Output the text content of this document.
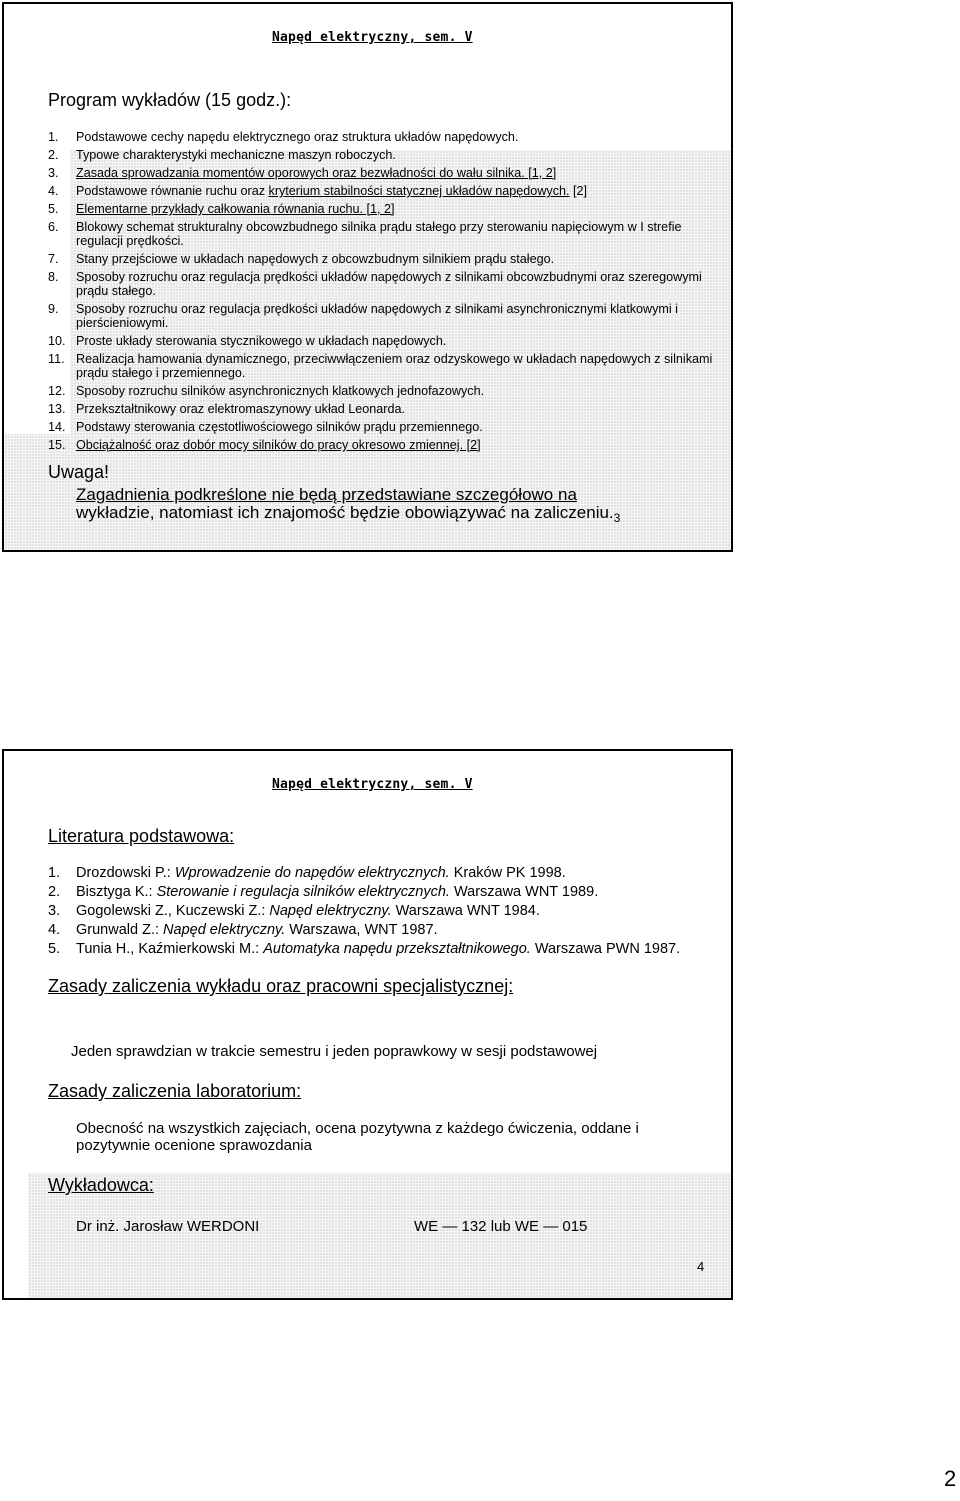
Napęd elektryczny, sem. V
Program wykładów (15 godz.):
1. Podstawowe cechy napędu elektrycznego oraz struktura układów napędowych.
2. Typowe charakterystyki mechaniczne maszyn roboczych.
3. Zasada sprowadzania momentów oporowych oraz bezwładności do wału silnika. [1, 2]
4. Podstawowe równanie ruchu oraz kryterium stabilności statycznej układów napędowych. [2]
5. Elementarne przykłady całkowania równania ruchu. [1, 2]
6. Blokowy schemat strukturalny obcowzbudnego silnika prądu stałego przy sterowaniu napięciowym w I strefie regulacji prędkości.
7. Stany przejściowe w układach napędowych z obcowzbudnym silnikiem prądu stałego.
8. Sposoby rozruchu oraz regulacja prędkości układów napędowych z silnikami obcowzbudnymi oraz szeregowymi prądu stałego.
9. Sposoby rozruchu oraz regulacja prędkości układów napędowych z silnikami asynchronicznymi klatkowymi i pierścieniowymi.
10. Proste układy sterowania stycznikowego w układach napędowych.
11. Realizacja hamowania dynamicznego, przeciwwłączeniem oraz odzyskowego w układach napędowych z silnikami prądu stałego i przemiennego.
12. Sposoby rozruchu silników asynchronicznych klatkowych jednofazowych.
13. Przekształtnikowy oraz elektromaszynowy układ Leonarda.
14. Podstawy sterowania częstotliwościowego silników prądu przemiennego.
15. Obciążalność oraz dobór mocy silników do pracy okresowo zmiennej. [2]
Uwaga!
Zagadnienia podkreślone nie będą przedstawiane szczegółowo na
wykładzie, natomiast ich znajomość będzie obowiązywać na $zaliczeniu._3$
Napęd elektryczny, sem. V
Literatura podstawowa:
1. Drozdowski P.: Wprowadzenie do napędów elektrycznych. Kraków PK 1998.
2. Bisztyga K.: Sterowanie i regulacja silników elektrycznych. Warszawa WNT 1989.
3. Gogolewski Z., Kuczewski Z.: Napęd elektryczny. Warszawa WNT 1984.
4. Grunwald Z.: Napęd elektryczny. Warszawa, WNT 1987.
5. Tunia H., Kaźmierkowski M.: Automatyka napędu przekształtnikowego. Warszawa PWN 1987.
Zasady zaliczenia wykładu oraz pracowni specjalistycznej:
Jeden sprawdzian w trakcie semestru i jeden poprawkowy w sesji podstawowej
Zasady zaliczenia laboratorium:
Obecność na wszystkich zajęciach, ocena pozytywna z każdego ćwiczenia, oddane i pozytywnie ocenione sprawozdania
Wykładowca:
Dr inż. Jarosław WERDONI	WE — 132 lub WE — 015
4
2
